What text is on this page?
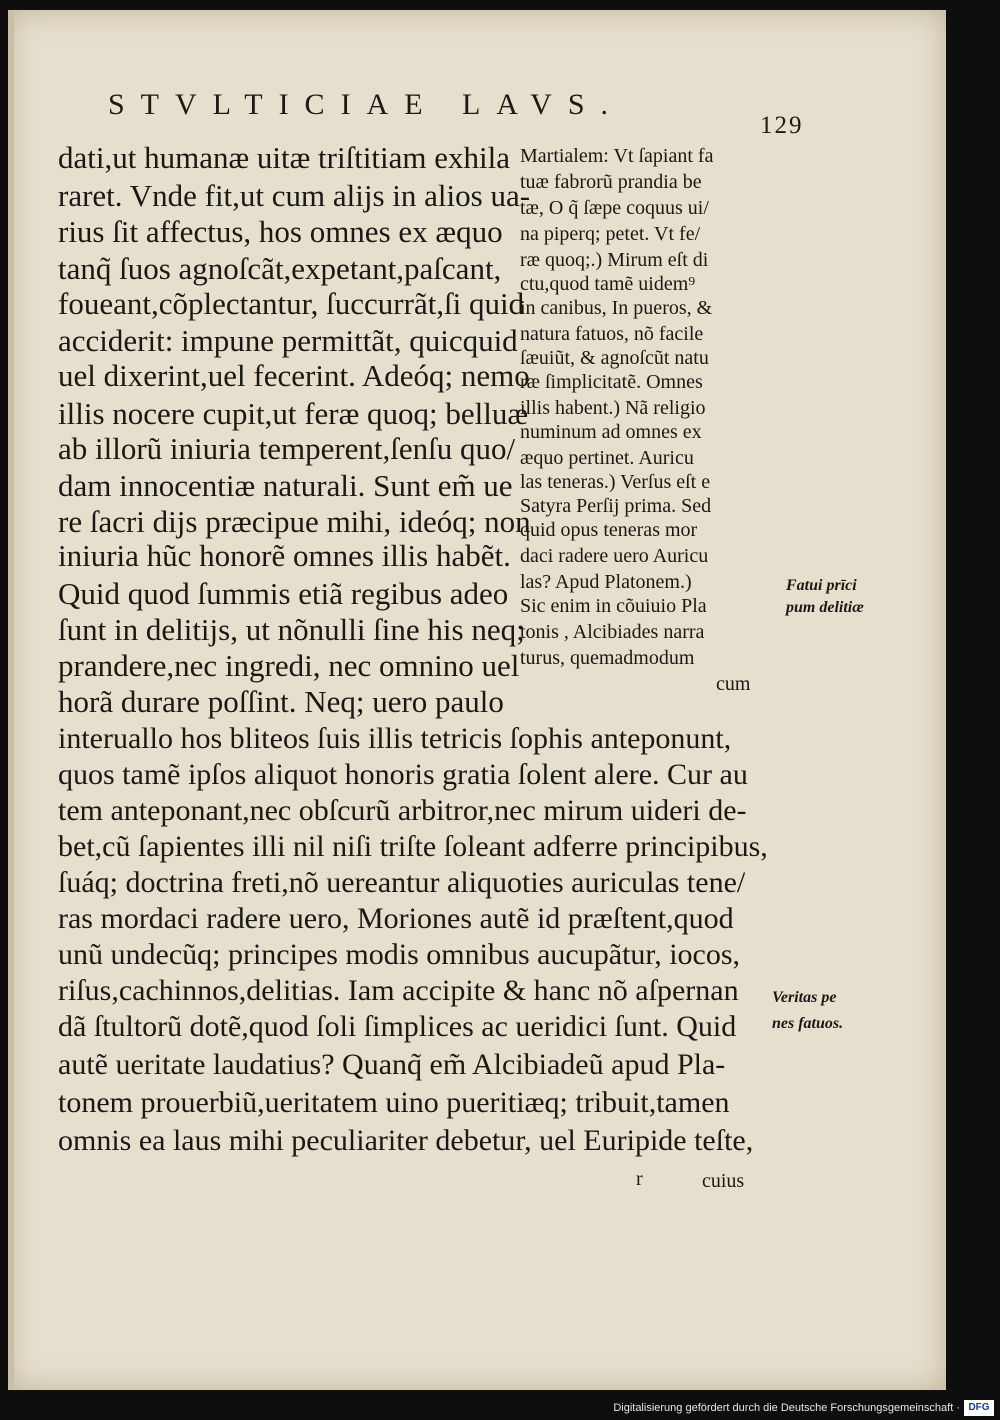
STVLTICIAE LAVS.
129
dati,ut humanæ uitæ triſtitiam exhila
raret. Vnde fit,ut cum alijs in alios ua-
rius ſit affectus, hos omnes ex æquo
tanq̃ ſuos agnoſcãt,expetant,paſcant,
foueant,cõplectantur, ſuccurrãt,ſi quid
acciderit: impune permittãt, quicquid
uel dixerint,uel fecerint. Adeóq; nemo
illis nocere cupit,ut feræ quoq; belluæ
ab illorũ iniuria temperent,ſenſu quo/
dam innocentiæ naturali. Sunt em̃ ue
re ſacri dijs præcipue mihi, ideóq; non
iniuria hũc honorẽ omnes illis habẽt.
Quid quod ſummis etiã regibus adeo
ſunt in delitijs, ut nõnulli ſine his neq;
prandere,nec ingredi, nec omnino uel
horã durare poſſint. Neq; uero paulo
interuallo hos bliteos ſuis illis tetricis ſophis anteponunt,
quos tamẽ ipſos aliquot honoris gratia ſolent alere. Cur au
tem anteponant,nec obſcurũ arbitror,nec mirum uideri de-
bet,cũ ſapientes illi nil niſi triſte ſoleant adferre principibus,
ſuáq; doctrina freti,nõ uereantur aliquoties auriculas tene/
ras mordaci radere uero, Moriones autẽ id præſtent,quod
unũ undecũq; principes modis omnibus aucupãtur, iocos,
riſus,cachinnos,delitias. Iam accipite & hanc nõ aſpernan
dã ſtultorũ dotẽ,quod ſoli ſimplices ac ueridici ſunt. Quid
autẽ ueritate laudatius? Quanq̃ em̃ Alcibiadeũ apud Pla-
tonem prouerbiũ,ueritatem uino pueritiæq; tribuit,tamen
omnis ea laus mihi peculiariter debetur, uel Euripide teſte,
Martialem: Vt ſapiant fa
tuæ fabrorũ prandia be
tæ, O q̃ ſæpe coquus ui/
na piperq; petet. Vt fe/
ræ quoq;.) Mirum eſt di
ctu,quod tamẽ uidem⁹
in canibus, In pueros, &
natura fatuos, nõ facile
ſæuiũt, & agnoſcũt natu
ræ ſimplicitatẽ. Omnes
illis habent.) Nã religio
numinum ad omnes ex
æquo pertinet. Auricu
las teneras.) Verſus eſt e
Satyra Perſij prima. Sed
quid opus teneras mor
daci radere uero Auricu
las? Apud Platonem.)
Sic enim in cõuiuio Pla
tonis , Alcibiades narra
turus, quemadmodum
cum
Fatui prīci
pum delitiæ
Veritas pe
nes fatuos.
r	cuius
Digitalisierung gefördert durch die Deutsche Forschungsgemeinschaft · DFG
